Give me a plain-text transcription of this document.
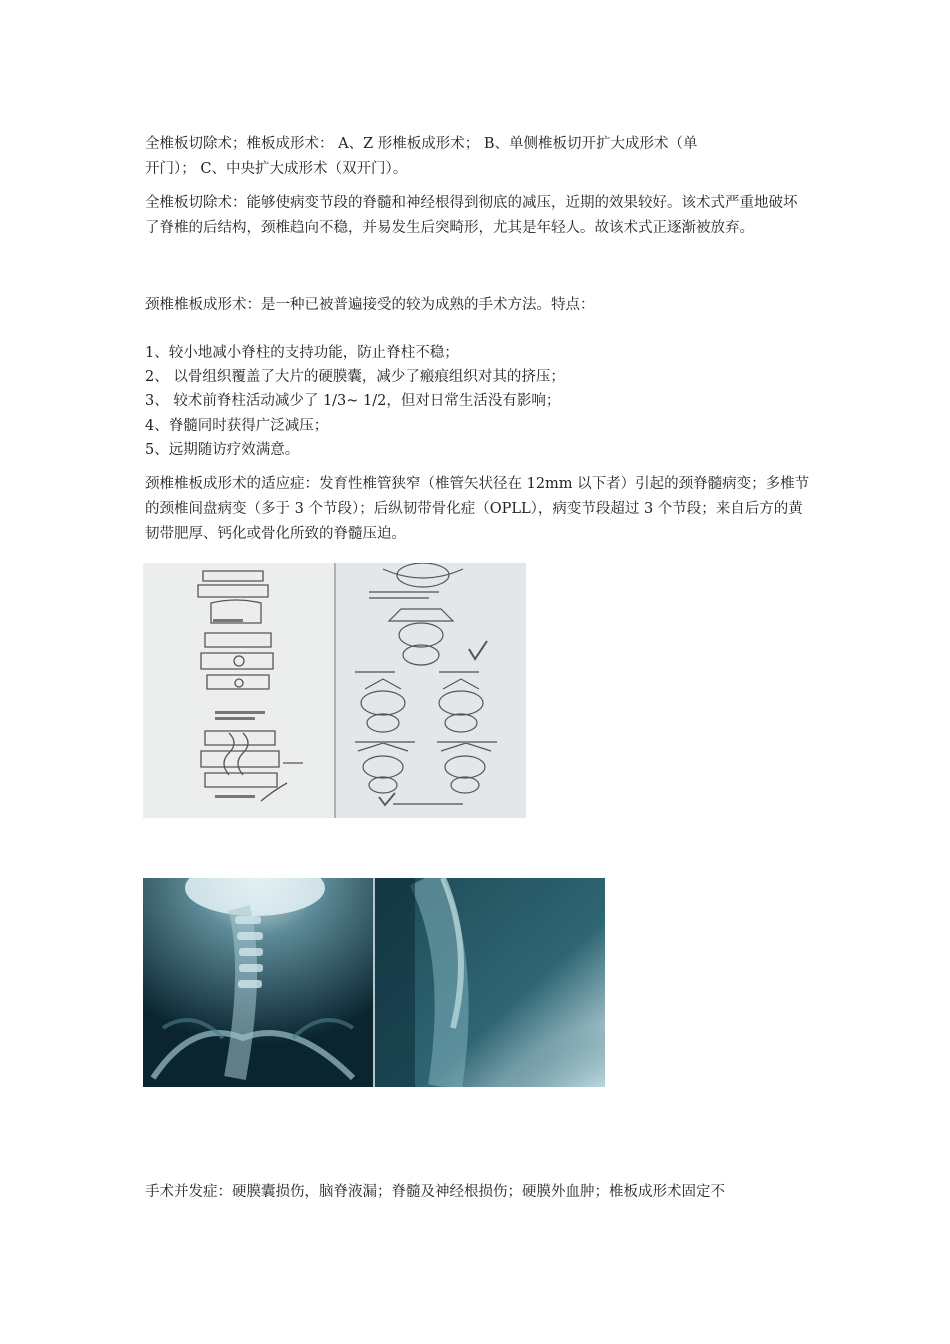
全椎板切除术；椎板成形术： A、Z 形椎板成形术； B、单侧椎板切开扩大成形术（单

开门）； C、中央扩大成形术（双开门）。

全椎板切除术：能够使病变节段的脊髓和神经根得到彻底的减压，近期的效果较好。该术式严重地破坏了脊椎的后结构，颈椎趋向不稳，并易发生后突畸形，尤其是年轻人。故该术式正逐渐被放弃。

颈椎椎板成形术：是一种已被普遍接受的较为成熟的手术方法。特点：

1、较小地减小脊柱的支持功能，防止脊柱不稳；

2、 以骨组织覆盖了大片的硬膜囊，减少了瘢痕组织对其的挤压；

3、 较术前脊柱活动减少了 1/3~ 1/2，但对日常生活没有影响；

4、脊髓同时获得广泛减压；

5、远期随访疗效满意。

颈椎椎板成形术的适应症：发育性椎管狭窄（椎管矢状径在 12mm 以下者）引起的颈脊髓病变；多椎节的颈椎间盘病变（多于 3 个节段）；后纵韧带骨化症（OPLL），病变节段超过 3 个节段；来自后方的黄韧带肥厚、钙化或骨化所致的脊髓压迫。

手术并发症：硬膜囊损伤，脑脊液漏；脊髓及神经根损伤；硬膜外血肿；椎板成形术固定不
